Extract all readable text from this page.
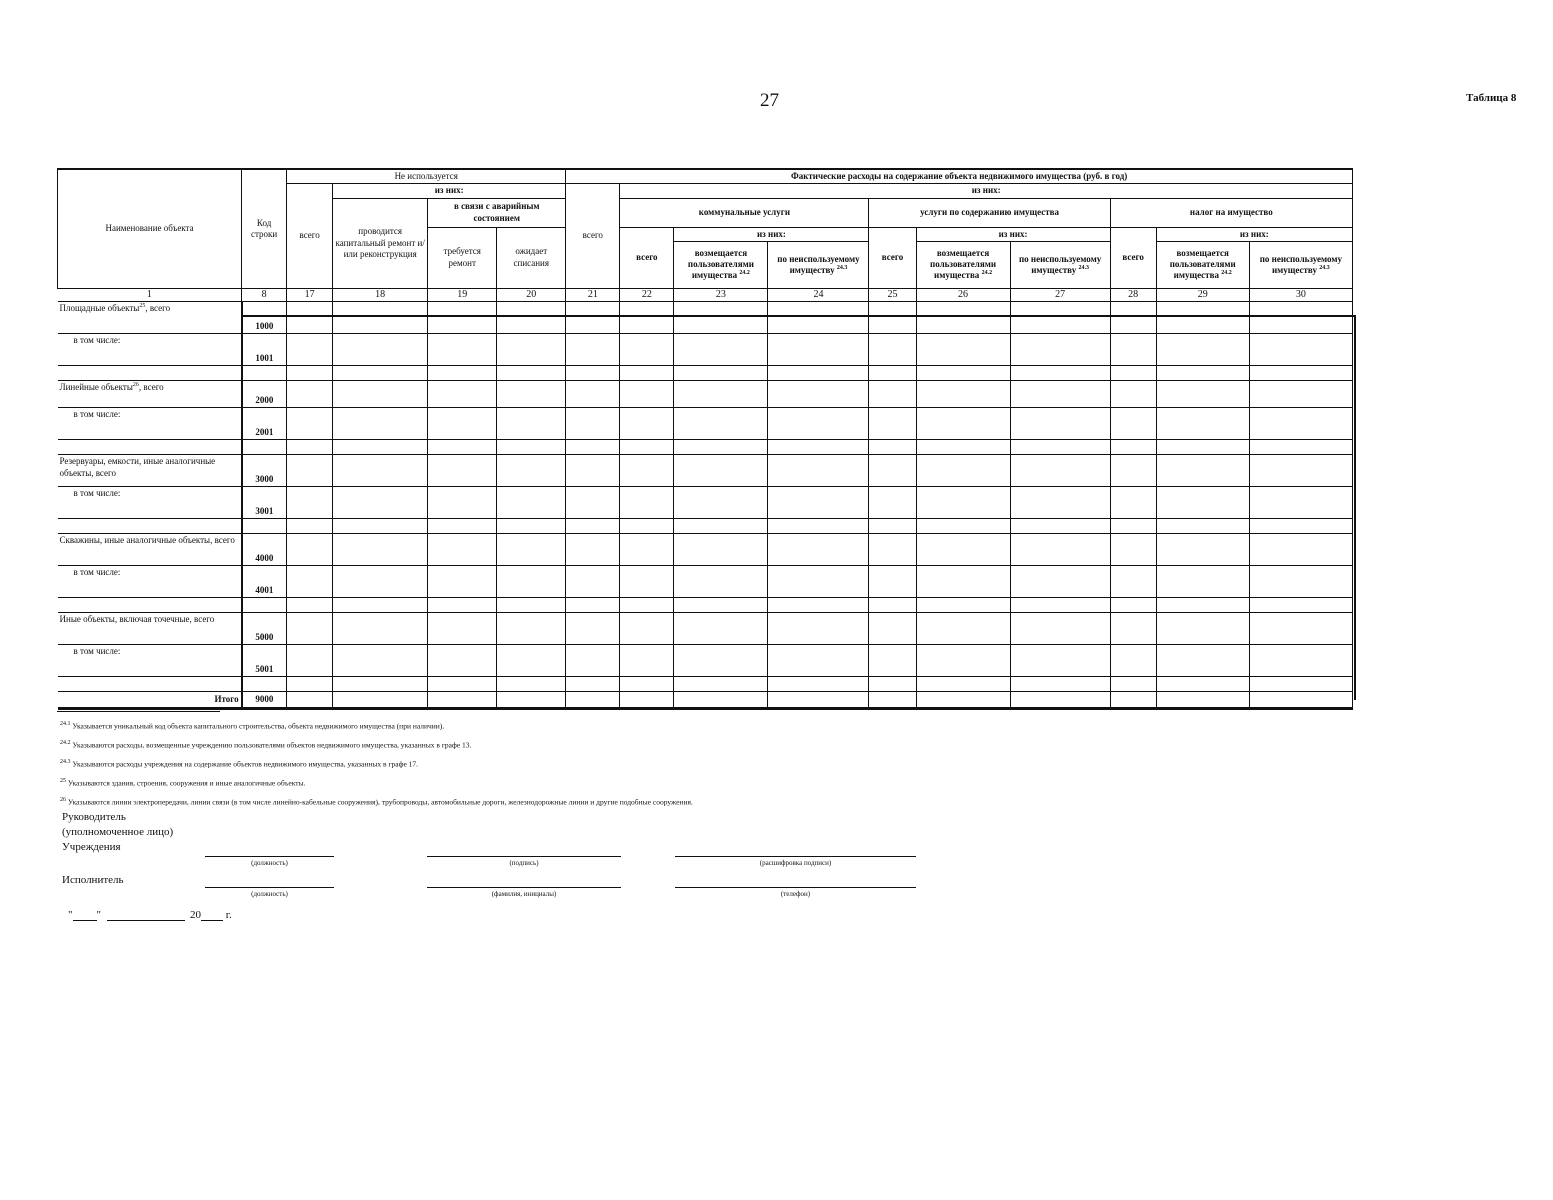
27	Таблица 8
Наименование объекта	Код строки	Не используется				Фактические расходы на содержание объекта недвижимого имущества (руб. в год)									
		всего	из них:			всего	из них:								
			проводится капитальный ремонт и/или реконструкция	в связи с аварийным состоянием			коммунальные услуги			услуги по содержанию имущества			налог на имущество		
				требуется ремонт	ожидает списания		всего	из них:		всего	из них:		всего	из них:	
								возмещается пользователями имущества $^{24.2}$	по неиспользуемому имуществу $^{24.3}$		возмещается пользователями имущества $^{24.2}$	по неиспользуемому имуществу $^{24.3}$		возмещается пользователями имущества $^{24.2}$	по неиспользуемому имуществу $^{24.3}$
1	8	17	18	19	20	21	22	23	24	25	26	27	28	29	30
Площадные объекты$^{25}$, всего	1000														
в том числе:	1001														

Линейные объекты$^{26}$, всего	2000														
в том числе:	2001														

Резервуары, емкости, иные аналогичные объекты, всего	3000														
в том числе:	3001														

Скважины, иные аналогичные объекты, всего	4000														
в том числе:	4001														

Иные объекты, включая точечные, всего	5000														
в том числе:	5001														

Итого	9000														
$^{24.1}$ Указывается уникальный код объекта капитального строительства, объекта недвижимого имущества (при наличии).
$^{24.2}$ Указываются расходы, возмещенные учреждению пользователями объектов недвижимого имущества, указанных в графе 13.
$^{24.3}$ Указываются расходы учреждения на содержание объектов недвижимого имущества, указанных в графе 17.
$^{25}$ Указываются здания, строения, сооружения и иные аналогичные объекты.
$^{26}$ Указываются линии электропередачи, линии связи (в том числе линейно-кабельные сооружения), трубопроводы, автомобильные дороги, железнодорожные линии и другие подобные сооружения.
Руководитель
(уполномоченное лицо)
Учреждения
(должность)	(подпись)	(расшифровка подписи)
Исполнитель
(должность)	(фамилия, инициалы)	(телефон)
" "	20 г.
